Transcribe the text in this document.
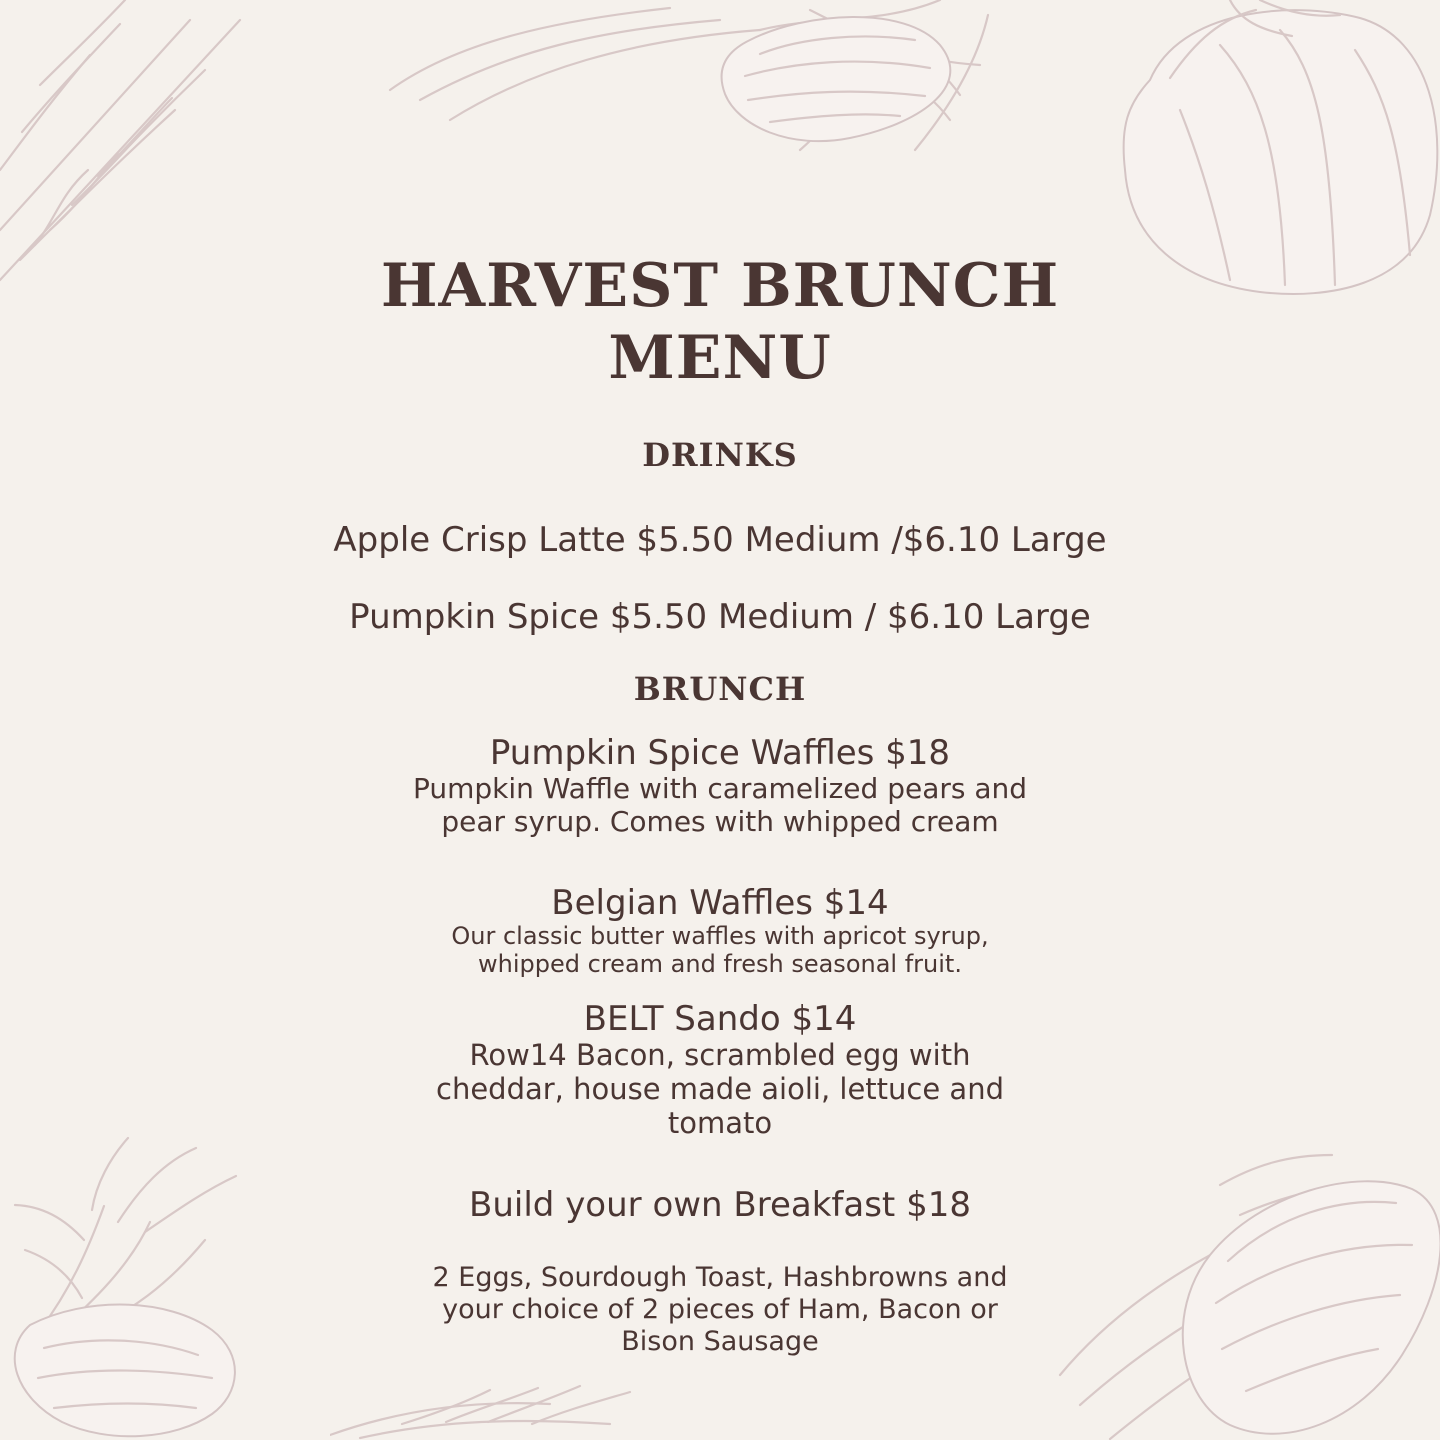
HARVEST BRUNCH
MENU
DRINKS
Apple Crisp Latte $5.50 Medium /$6.10 Large
Pumpkin Spice $5.50 Medium / $6.10 Large
BRUNCH
Pumpkin Spice Waffles $18
Pumpkin Waffle with caramelized pears and
pear syrup. Comes with whipped cream
Belgian Waffles $14
Our classic butter waffles with apricot syrup,
whipped cream and fresh seasonal fruit.
BELT Sando $14
Row14 Bacon, scrambled egg with
cheddar, house made aioli, lettuce and
tomato
Build your own Breakfast $18
2 Eggs, Sourdough Toast, Hashbrowns and
your choice of 2 pieces of Ham, Bacon or
Bison Sausage
